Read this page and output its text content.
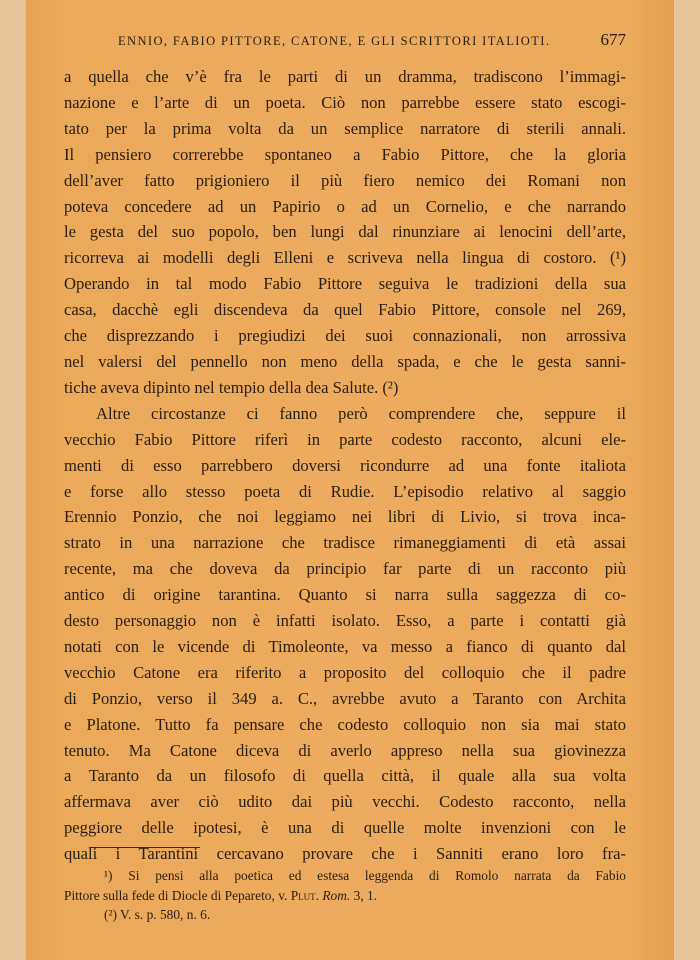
ENNIO, FABIO PITTORE, CATONE, E GLI SCRITTORI ITALIOTI.	677

a quella che v’è fra le parti di un dramma, tradiscono l’immagi-

nazione e l’arte di un poeta. Ciò non parrebbe essere stato escogi-

tato per la prima volta da un semplice narratore di sterili annali.

Il pensiero correrebbe spontaneo a Fabio Pittore, che la gloria

dell’aver fatto prigioniero il più fiero nemico dei Romani non

poteva concedere ad un Papirio o ad un Cornelio, e che narrando

le gesta del suo popolo, ben lungi dal rinunziare ai lenocini dell’arte,

ricorreva ai modelli degli Elleni e scriveva nella lingua di costoro. (¹)

Operando in tal modo Fabio Pittore seguiva le tradizioni della sua

casa, dacchè egli discendeva da quel Fabio Pittore, console nel 269,

che disprezzando i pregiudizi dei suoi connazionali, non arrossiva

nel valersi del pennello non meno della spada, e che le gesta sanni-

tiche aveva dipinto nel tempio della dea Salute. (²)

Altre circostanze ci fanno però comprendere che, seppure il

vecchio Fabio Pittore riferì in parte codesto racconto, alcuni ele-

menti di esso parrebbero doversi ricondurre ad una fonte italiota

e forse allo stesso poeta di Rudie. L’episodio relativo al saggio

Erennio Ponzio, che noi leggiamo nei libri di Livio, si trova inca-

strato in una narrazione che tradisce rimaneggiamenti di età assai

recente, ma che doveva da principio far parte di un racconto più

antico di origine tarantina. Quanto si narra sulla saggezza di co-

desto personaggio non è infatti isolato. Esso, a parte i contatti già

notati con le vicende di Timoleonte, va messo a fianco di quanto dal

vecchio Catone era riferito a proposito del colloquio che il padre

di Ponzio, verso il 349 a. C., avrebbe avuto a Taranto con Archita

e Platone. Tutto fa pensare che codesto colloquio non sia mai stato

tenuto. Ma Catone diceva di averlo appreso nella sua giovinezza

a Taranto da un filosofo di quella città, il quale alla sua volta

affermava aver ciò udito dai più vecchi. Codesto racconto, nella

peggiore delle ipotesi, è una di quelle molte invenzioni con le

quali i Tarantini cercavano provare che i Sanniti erano loro fra-

¹) Si pensi alla poetica ed estesa leggenda di Romolo narrata da Fabio

Pittore sulla fede di Diocle di Pepareto, v. Plut. Rom. 3, 1.

(²) V. s. p. 580, n. 6.
